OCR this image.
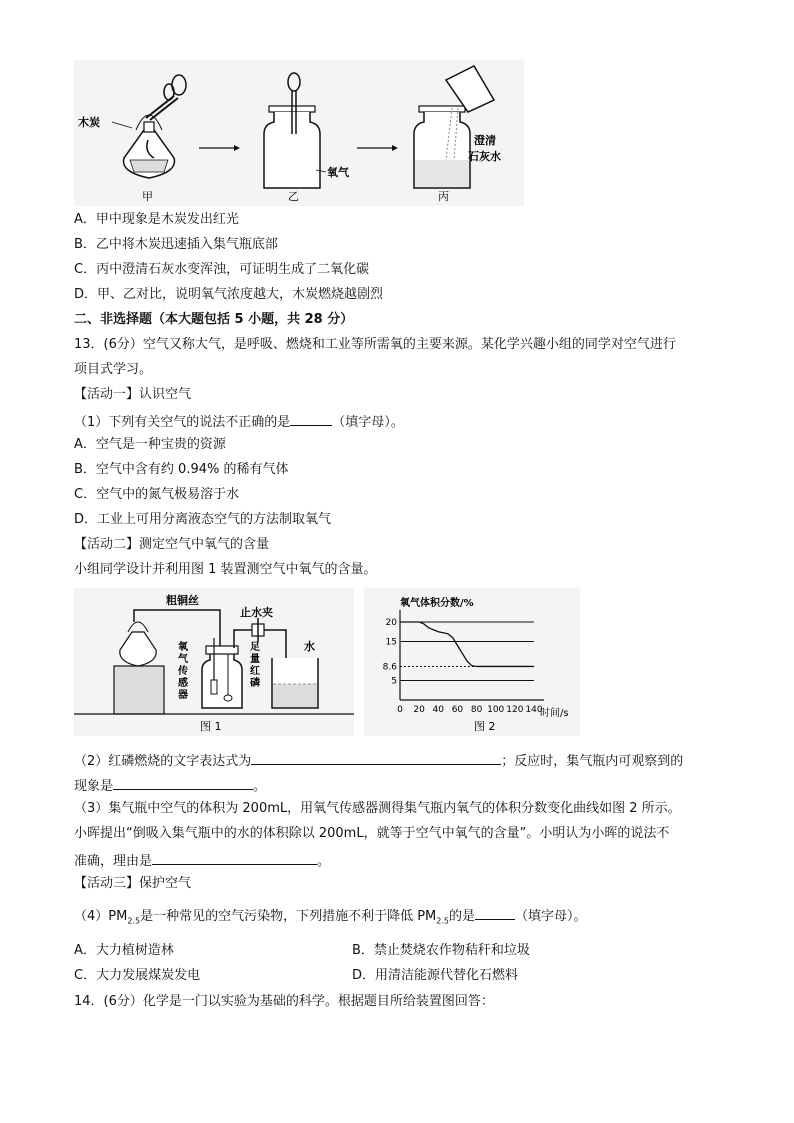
木炭
甲
氧气
乙
澄清
石灰水
丙
A．甲中现象是木炭发出红光
B．乙中将木炭迅速插入集气瓶底部
C．丙中澄清石灰水变浑浊，可证明生成了二氧化碳
D．甲、乙对比，说明氧气浓度越大，木炭燃烧越剧烈
二、非选择题（本大题包括 5 小题，共 28 分）
13．(6分）空气又称大气，是呼吸、燃烧和工业等所需氧的主要来源。某化学兴趣小组的同学对空气进行
项目式学习。
【活动一】认识空气
（1）下列有关空气的说法不正确的是	（填字母）。
A．空气是一种宝贵的资源
B．空气中含有约 0.94% 的稀有气体
C．空气中的氮气极易溶于水
D．工业上可用分离液态空气的方法制取氧气
【活动二】测定空气中氧气的含量
小组同学设计并利用图 1 装置测空气中氧气的含量。
粗铜丝
氧
气
传
感
器
足
量
红
磷
止水夹
水
图 1
5
8.6
15
20
0 20 40 60 80 100 120 140
氧气体积分数/%
时间/s
图 2
（2）红磷燃烧的文字表达式为	；反应时，集气瓶内可观察到的
现象是	。
（3）集气瓶中空气的体积为 200mL，用氧气传感器测得集气瓶内氧气的体积分数变化曲线如图 2 所示。
小晖提出“倒吸入集气瓶中的水的体积除以 200mL，就等于空气中氧气的含量”。小明认为小晖的说法不
准确，理由是	。
【活动三】保护空气
$(4)PM_{2.5}$是一种常见的空气污染物，下列措施不利于降低 $PM_{2.5}$的是	（填字母）。
A．大力植树造林	B．禁止焚烧农作物秸秆和垃圾
C．大力发展煤炭发电	D．用清洁能源代替化石燃料
14．(6分）化学是一门以实验为基础的科学。根据题目所给装置图回答：
